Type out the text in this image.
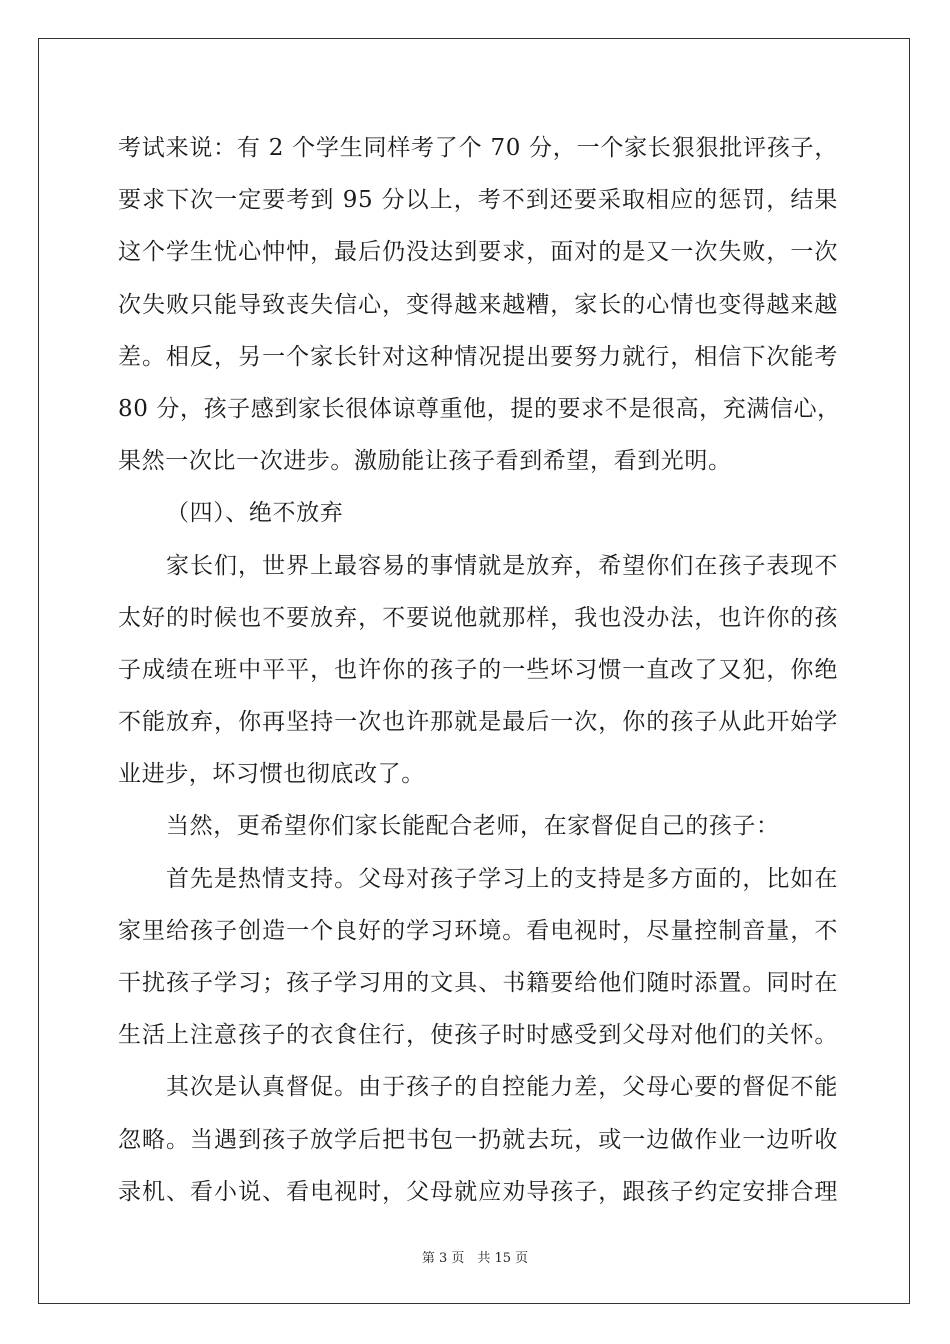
考试来说：有 2 个学生同样考了个 70 分，一个家长狠狠批评孩子，
要求下次一定要考到 95 分以上，考不到还要采取相应的惩罚，结果
这个学生忧心忡忡，最后仍没达到要求，面对的是又一次失败，一次
次失败只能导致丧失信心，变得越来越糟，家长的心情也变得越来越
差。相反，另一个家长针对这种情况提出要努力就行，相信下次能考
80 分，孩子感到家长很体谅尊重他，提的要求不是很高，充满信心，
果然一次比一次进步。激励能让孩子看到希望，看到光明。
（四）、绝不放弃
家长们，世界上最容易的事情就是放弃，希望你们在孩子表现不
太好的时候也不要放弃，不要说他就那样，我也没办法，也许你的孩
子成绩在班中平平，也许你的孩子的一些坏习惯一直改了又犯，你绝
不能放弃，你再坚持一次也许那就是最后一次，你的孩子从此开始学
业进步，坏习惯也彻底改了。
当然，更希望你们家长能配合老师，在家督促自己的孩子：
首先是热情支持。父母对孩子学习上的支持是多方面的，比如在
家里给孩子创造一个良好的学习环境。看电视时，尽量控制音量，不
干扰孩子学习；孩子学习用的文具、书籍要给他们随时添置。同时在
生活上注意孩子的衣食住行，使孩子时时感受到父母对他们的关怀。
其次是认真督促。由于孩子的自控能力差，父母心要的督促不能
忽略。当遇到孩子放学后把书包一扔就去玩，或一边做作业一边听收
录机、看小说、看电视时，父母就应劝导孩子，跟孩子约定安排合理
第 3 页　共 15 页
